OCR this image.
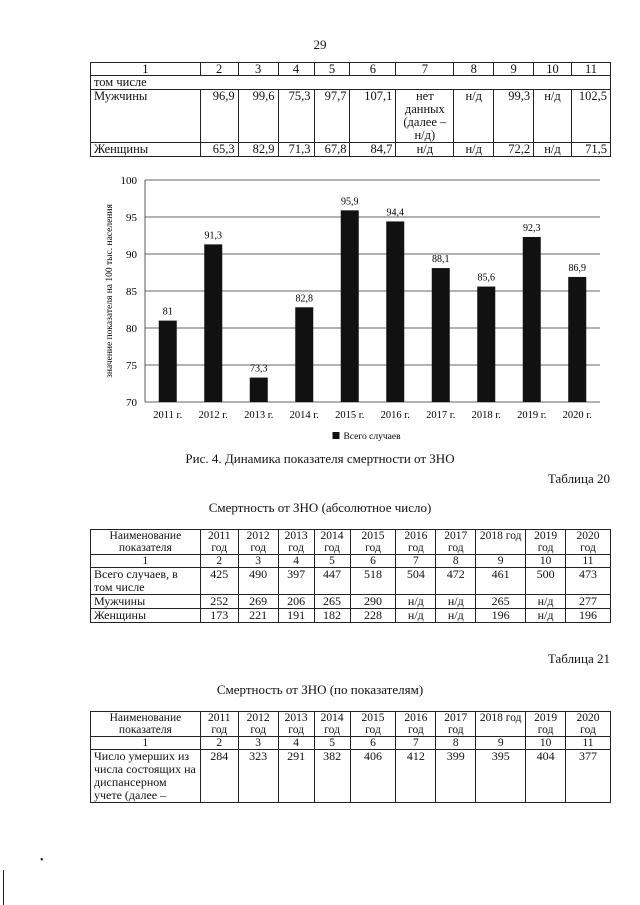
29
1	2	3	4	5	6	7	8	9	10	11
том числе										
Мужчины	96,9	99,6	75,3	97,7	107,1	нет данных (далее – н/д)	н/д	99,3	н/д	102,5
Женщины	65,3	82,9	71,3	67,8	84,7	н/д	н/д	72,2	н/д	71,5
70
75
80
85
90
95
100
значение показателя на 100 тыс. населения	81
2011 г.
91,3
2012 г.
73,3
2013 г.
82,8
2014 г.
95,9
2015 г.
94,4
2016 г.
88,1
2017 г.
85,6
2018 г.
92,3
2019 г.
86,9
2020 г.
Всего случаев
Рис. 4. Динамика показателя смертности от ЗНО
Таблица 20
Смертность от ЗНО (абсолютное число)
Наименование показателя	2011 год	2012 год	2013 год	2014 год	2015 год	2016 год	2017 год	2018 год	2019 год	2020 год
1	2	3	4	5	6	7	8	9	10	11
Всего случаев, в том числе	425	490	397	447	518	504	472	461	500	473
Мужчины	252	269	206	265	290	н/д	н/д	265	н/д	277
Женщины	173	221	191	182	228	н/д	н/д	196	н/д	196
Таблица 21
Смертность от ЗНО (по показателям)
Наименование показателя	2011 год	2012 год	2013 год	2014 год	2015 год	2016 год	2017 год	2018 год	2019 год	2020 год
1	2	3	4	5	6	7	8	9	10	11
Число умерших из числа состоящих на диспансерном учете (далее –	284	323	291	382	406	412	399	395	404	377
•
